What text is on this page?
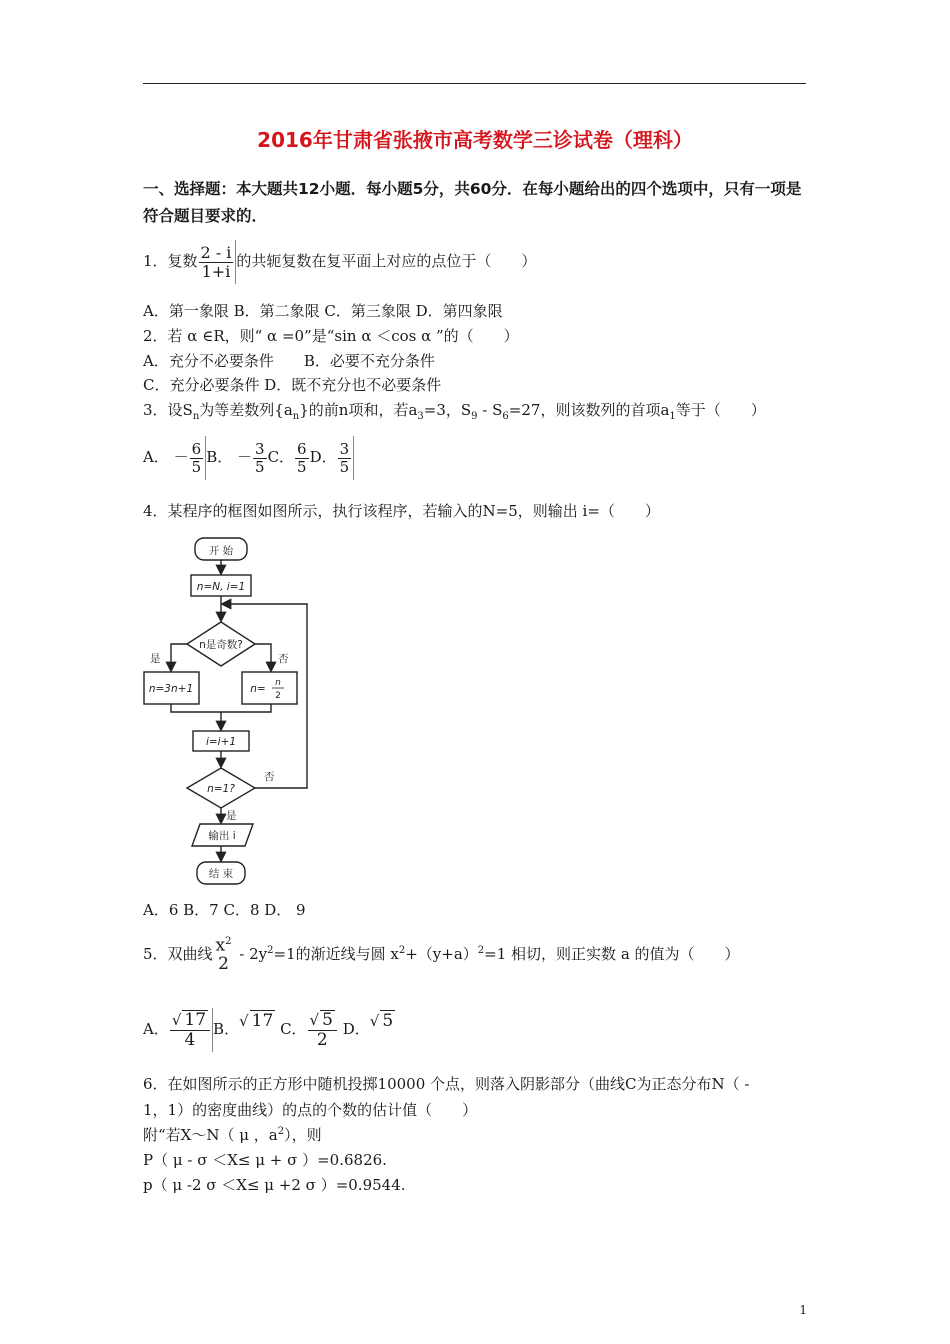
2016年甘肃省张掖市高考数学三诊试卷（理科）
一、选择题：本大题共12小题．每小题5分，共60分．在每小题给出的四个选项中，只有一项是符合题目要求的．
1．复数 $\frac{2 - i}{1+i}$ 的共轭复数在复平面上对应的点位于（　　）
A．第一象限 B．第二象限 C．第三象限 D．第四象限
2．若 α ∈R，则“ α =0”是“sin α ＜cos α ”的（　　）
A．充分不必要条件　　B．必要不充分条件
C．充分必要条件 D．既不充分也不必要条件
3．设$S_n$为等差数列$\{a_n\}$的前n项和，若$a_3=3$，$S_9 - S_6=27$，则该数列的首项$a_1$等于（　　）
A． － $\frac{6}{5}$ B． － $\frac{3}{5}$ C． $\frac{6}{5}$ D． $\frac{3}{5}$
4．某程序的框图如图所示，执行该程序，若输入的N=5，则输出 i=（　　）
开 始
n=N, i=1
n是奇数?
是	否
n=3n+1	n= n
2
i=i+1
n=1?
否
是
输出 i
结 束
A．6 B．7 C．8 D． 9
5．双曲线 $x^2$
2
- $2y^2=1$的渐近线与圆 $x^2+(y+a)^2=1$ 相切，则正实数 a 的值为（　　）
A． $\frac{√ 17}{4}$ B．√ 17 C． $\frac{√ 5}{2}$ D．√ 5
6．在如图所示的正方形中随机投掷10000 个点，则落入阴影部分（曲线C为正态分布N（ -
1，1）的密度曲线）的点的个数的估计值（　　）
附“若X～N（ μ ，$a^2$），则
P（ μ - σ ＜X≤ μ + σ ）=0.6826.
p（ μ -2 σ ＜X≤ μ +2 σ ）=0.9544.
1
